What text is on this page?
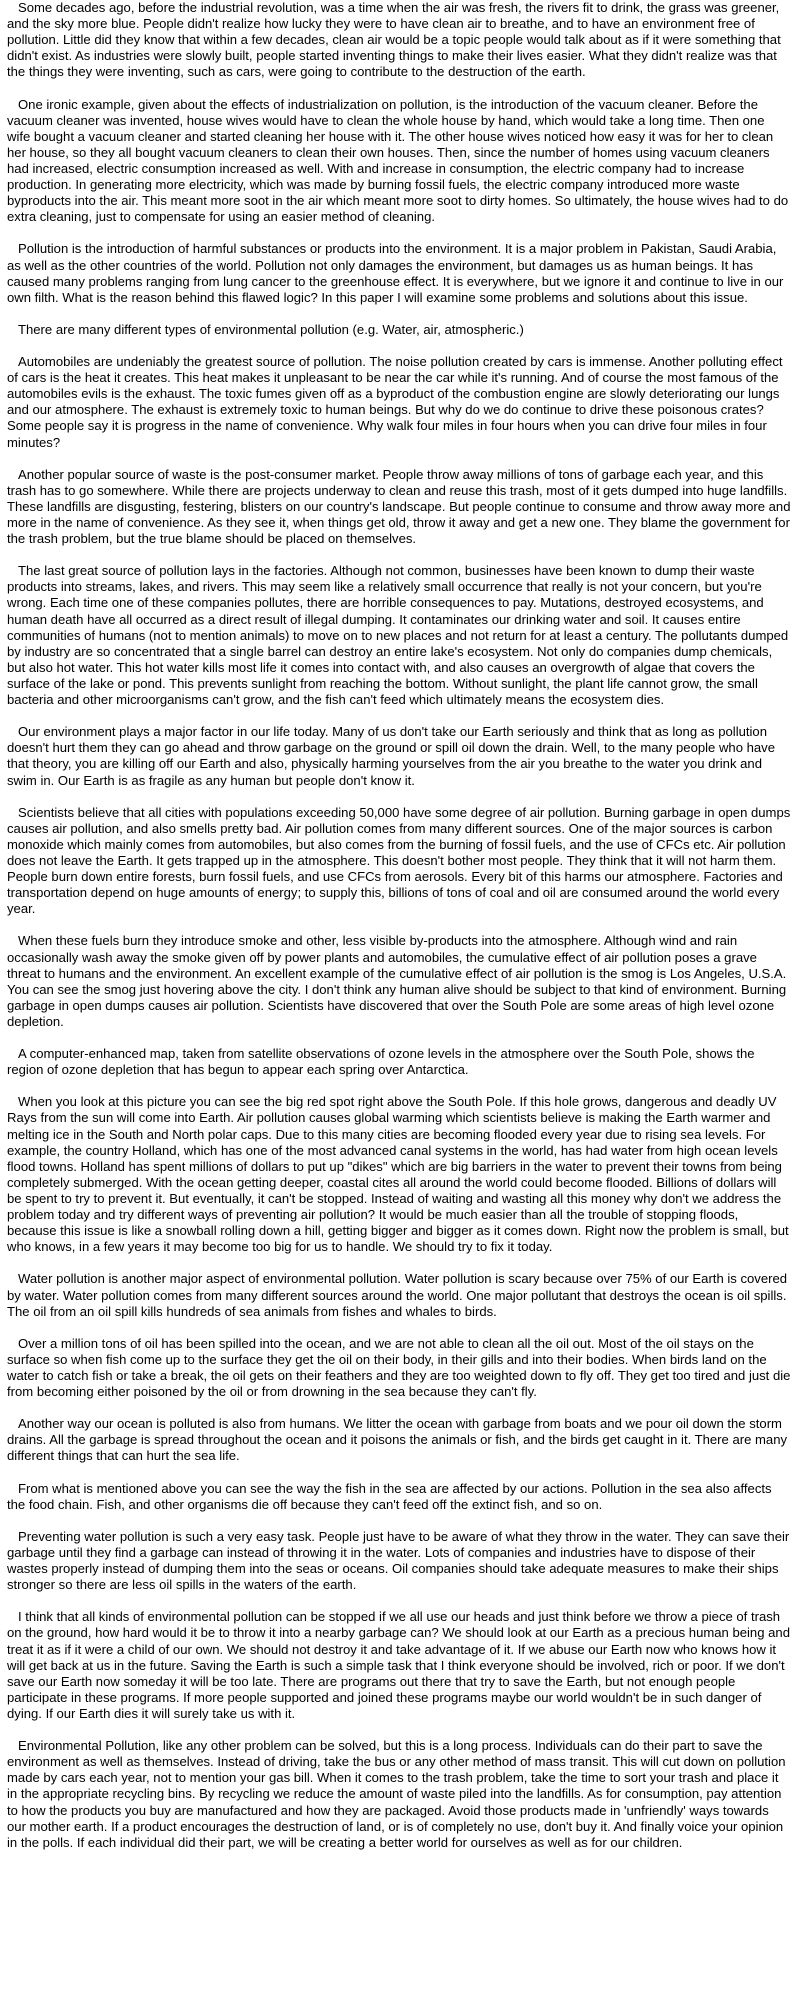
Some decades ago, before the industrial revolution, was a time when the air was fresh, the rivers fit to drink, the grass was greener, and the sky more blue. People didn't realize how lucky they were to have clean air to breathe, and to have an environment free of pollution. Little did they know that within a few decades, clean air would be a topic people would talk about as if it were something that didn't exist. As industries were slowly built, people started inventing things to make their lives easier. What they didn't realize was that the things they were inventing, such as cars, were going to contribute to the destruction of the earth.

One ironic example, given about the effects of industrialization on pollution, is the introduction of the vacuum cleaner. Before the vacuum cleaner was invented, house wives would have to clean the whole house by hand, which would take a long time. Then one wife bought a vacuum cleaner and started cleaning her house with it. The other house wives noticed how easy it was for her to clean her house, so they all bought vacuum cleaners to clean their own houses. Then, since the number of homes using vacuum cleaners had increased, electric consumption increased as well. With and increase in consumption, the electric company had to increase production. In generating more electricity, which was made by burning fossil fuels, the electric company introduced more waste byproducts into the air. This meant more soot in the air which meant more soot to dirty homes. So ultimately, the house wives had to do extra cleaning, just to compensate for using an easier method of cleaning.

Pollution is the introduction of harmful substances or products into the environment. It is a major problem in Pakistan, Saudi Arabia, as well as the other countries of the world. Pollution not only damages the environment, but damages us as human beings. It has caused many problems ranging from lung cancer to the greenhouse effect. It is everywhere, but we ignore it and continue to live in our own filth. What is the reason behind this flawed logic? In this paper I will examine some problems and solutions about this issue.

There are many different types of environmental pollution (e.g. Water, air, atmospheric.)

Automobiles are undeniably the greatest source of pollution. The noise pollution created by cars is immense. Another polluting effect of cars is the heat it creates. This heat makes it unpleasant to be near the car while it's running. And of course the most famous of the automobiles evils is the exhaust. The toxic fumes given off as a byproduct of the combustion engine are slowly deteriorating our lungs and our atmosphere. The exhaust is extremely toxic to human beings. But why do we do continue to drive these poisonous crates? Some people say it is progress in the name of convenience. Why walk four miles in four hours when you can drive four miles in four minutes?

Another popular source of waste is the post-consumer market. People throw away millions of tons of garbage each year, and this trash has to go somewhere. While there are projects underway to clean and reuse this trash, most of it gets dumped into huge landfills. These landfills are disgusting, festering, blisters on our country's landscape. But people continue to consume and throw away more and more in the name of convenience. As they see it, when things get old, throw it away and get a new one. They blame the government for the trash problem, but the true blame should be placed on themselves.

The last great source of pollution lays in the factories. Although not common, businesses have been known to dump their waste products into streams, lakes, and rivers. This may seem like a relatively small occurrence that really is not your concern, but you're wrong. Each time one of these companies pollutes, there are horrible consequences to pay. Mutations, destroyed ecosystems, and human death have all occurred as a direct result of illegal dumping. It contaminates our drinking water and soil. It causes entire communities of humans (not to mention animals) to move on to new places and not return for at least a century. The pollutants dumped by industry are so concentrated that a single barrel can destroy an entire lake's ecosystem. Not only do companies dump chemicals, but also hot water. This hot water kills most life it comes into contact with, and also causes an overgrowth of algae that covers the surface of the lake or pond. This prevents sunlight from reaching the bottom. Without sunlight, the plant life cannot grow, the small bacteria and other microorganisms can't grow, and the fish can't feed which ultimately means the ecosystem dies.

Our environment plays a major factor in our life today. Many of us don't take our Earth seriously and think that as long as pollution doesn't hurt them they can go ahead and throw garbage on the ground or spill oil down the drain. Well, to the many people who have that theory, you are killing off our Earth and also, physically harming yourselves from the air you breathe to the water you drink and swim in. Our Earth is as fragile as any human but people don't know it.

Scientists believe that all cities with populations exceeding 50,000 have some degree of air pollution. Burning garbage in open dumps causes air pollution, and also smells pretty bad. Air pollution comes from many different sources. One of the major sources is carbon monoxide which mainly comes from automobiles, but also comes from the burning of fossil fuels, and the use of CFCs etc. Air pollution does not leave the Earth. It gets trapped up in the atmosphere. This doesn't bother most people. They think that it will not harm them. People burn down entire forests, burn fossil fuels, and use CFCs from aerosols. Every bit of this harms our atmosphere. Factories and transportation depend on huge amounts of energy; to supply this, billions of tons of coal and oil are consumed around the world every year.

When these fuels burn they introduce smoke and other, less visible by-products into the atmosphere. Although wind and rain occasionally wash away the smoke given off by power plants and automobiles, the cumulative effect of air pollution poses a grave threat to humans and the environment. An excellent example of the cumulative effect of air pollution is the smog is Los Angeles, U.S.A. You can see the smog just hovering above the city. I don't think any human alive should be subject to that kind of environment. Burning garbage in open dumps causes air pollution. Scientists have discovered that over the South Pole are some areas of high level ozone depletion.

A computer-enhanced map, taken from satellite observations of ozone levels in the atmosphere over the South Pole, shows the region of ozone depletion that has begun to appear each spring over Antarctica.

When you look at this picture you can see the big red spot right above the South Pole. If this hole grows, dangerous and deadly UV Rays from the sun will come into Earth. Air pollution causes global warming which scientists believe is making the Earth warmer and melting ice in the South and North polar caps. Due to this many cities are becoming flooded every year due to rising sea levels. For example, the country Holland, which has one of the most advanced canal systems in the world, has had water from high ocean levels flood towns. Holland has spent millions of dollars to put up "dikes" which are big barriers in the water to prevent their towns from being completely submerged. With the ocean getting deeper, coastal cites all around the world could become flooded. Billions of dollars will be spent to try to prevent it. But eventually, it can't be stopped. Instead of waiting and wasting all this money why don't we address the problem today and try different ways of preventing air pollution? It would be much easier than all the trouble of stopping floods, because this issue is like a snowball rolling down a hill, getting bigger and bigger as it comes down. Right now the problem is small, but who knows, in a few years it may become too big for us to handle. We should try to fix it today.

Water pollution is another major aspect of environmental pollution. Water pollution is scary because over 75% of our Earth is covered by water. Water pollution comes from many different sources around the world. One major pollutant that destroys the ocean is oil spills. The oil from an oil spill kills hundreds of sea animals from fishes and whales to birds.

Over a million tons of oil has been spilled into the ocean, and we are not able to clean all the oil out. Most of the oil stays on the surface so when fish come up to the surface they get the oil on their body, in their gills and into their bodies. When birds land on the water to catch fish or take a break, the oil gets on their feathers and they are too weighted down to fly off. They get too tired and just die from becoming either poisoned by the oil or from drowning in the sea because they can't fly.

Another way our ocean is polluted is also from humans. We litter the ocean with garbage from boats and we pour oil down the storm drains. All the garbage is spread throughout the ocean and it poisons the animals or fish, and the birds get caught in it. There are many different things that can hurt the sea life.

From what is mentioned above you can see the way the fish in the sea are affected by our actions. Pollution in the sea also affects the food chain. Fish, and other organisms die off because they can't feed off the extinct fish, and so on.

Preventing water pollution is such a very easy task. People just have to be aware of what they throw in the water. They can save their garbage until they find a garbage can instead of throwing it in the water. Lots of companies and industries have to dispose of their wastes properly instead of dumping them into the seas or oceans. Oil companies should take adequate measures to make their ships stronger so there are less oil spills in the waters of the earth.

I think that all kinds of environmental pollution can be stopped if we all use our heads and just think before we throw a piece of trash on the ground, how hard would it be to throw it into a nearby garbage can? We should look at our Earth as a precious human being and treat it as if it were a child of our own. We should not destroy it and take advantage of it. If we abuse our Earth now who knows how it will get back at us in the future. Saving the Earth is such a simple task that I think everyone should be involved, rich or poor. If we don't save our Earth now someday it will be too late. There are programs out there that try to save the Earth, but not enough people participate in these programs. If more people supported and joined these programs maybe our world wouldn't be in such danger of dying. If our Earth dies it will surely take us with it.

Environmental Pollution, like any other problem can be solved, but this is a long process. Individuals can do their part to save the environment as well as themselves. Instead of driving, take the bus or any other method of mass transit. This will cut down on pollution made by cars each year, not to mention your gas bill. When it comes to the trash problem, take the time to sort your trash and place it in the appropriate recycling bins. By recycling we reduce the amount of waste piled into the landfills. As for consumption, pay attention to how the products you buy are manufactured and how they are packaged. Avoid those products made in 'unfriendly' ways towards our mother earth. If a product encourages the destruction of land, or is of completely no use, don't buy it. And finally voice your opinion in the polls. If each individual did their part, we will be creating a better world for ourselves as well as for our children.
